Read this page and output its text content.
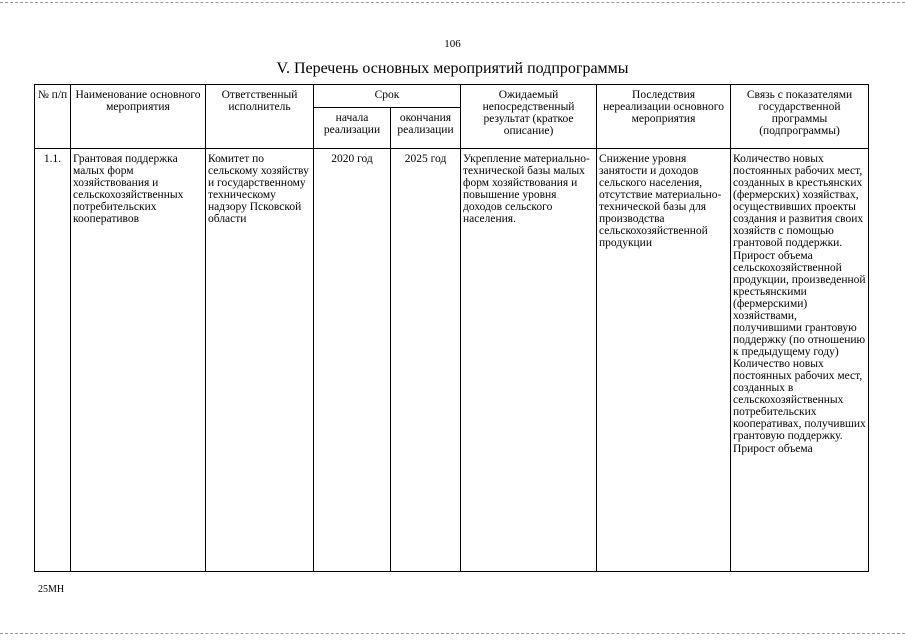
106
V. Перечень основных мероприятий подпрограммы
№ п/п	Наименование основного мероприятия	Ответственный исполнитель	Срок		Ожидаемый непосредственный результат (краткое описание)	Последствия нереализации основного мероприятия	Связь с показателями государственной программы (подпрограммы)
			начала реализации	окончания реализации			
1.1.	Грантовая поддержка малых форм хозяйствования и сельскохозяйственных потребительских кооперативов	Комитет по сельскому хозяйству и государственному техническому надзору Псковской области	2020 год	2025 год	Укрепление материально-технической базы малых форм хозяйствования и повышение уровня доходов сельского населения.	Снижение уровня занятости и доходов сельского населения, отсутствие материально-технической базы для производства сельскохозяйственной продукции	Количество новых постоянных рабочих мест, созданных в крестьянских (фермерских) хозяйствах, осуществивших проекты создания и развития своих хозяйств с помощью грантовой поддержки. Прирост объема сельскохозяйственной продукции, произведенной крестьянскими (фермерскими) хозяйствами, получившими грантовую поддержку (по отношению к предыдущему году) Количество новых постоянных рабочих мест, созданных в сельскохозяйственных потребительских кооперативах, получивших грантовую поддержку. Прирост объема
25МН
